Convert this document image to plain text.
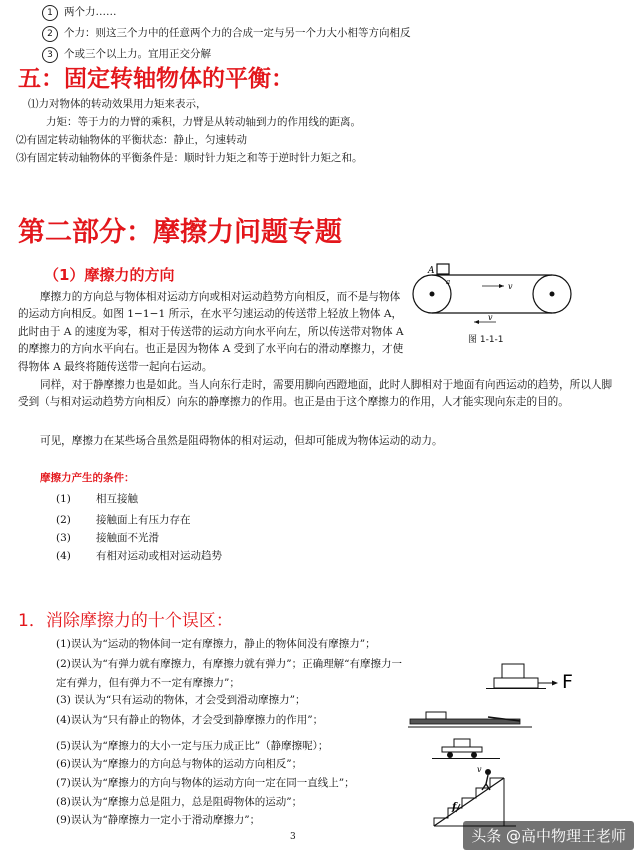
1 两个力……
2 个力：则这三个力中的任意两个力的合成一定与另一个力大小相等方向相反
3 个或三个以上力。宜用正交分解
五：固定转轴物体的平衡：
⑴力对物体的转动效果用力矩来表示，
力矩：等于力的力臂的乘积，力臂是从转动轴到力的作用线的距离。
⑵有固定转动轴物体的平衡状态：静止，匀速转动
⑶有固定转动轴物体的平衡条件是：顺时针力矩之和等于逆时针力矩之和。
第二部分：摩擦力问题专题
（1）摩擦力的方向	A
a	v
v
图 1-1-1
摩擦力的方向总与物体相对运动方向或相对运动趋势方向相反，而不是与物体的运动方向相反。如图 1−1−1 所示，在水平匀速运动的传送带上轻放上物体 A，此时由于 A 的速度为零，相对于传送带的运动方向水平向左，所以传送带对物体 A 的摩擦力的方向水平向右。也正是因为物体 A 受到了水平向右的滑动摩擦力，才使得物体 A 最终将随传送带一起向右运动。
同样，对于静摩擦力也是如此。当人向东行走时，需要用脚向西蹬地面，此时人脚相对于地面有向西运动的趋势，所以人脚受到（与相对运动趋势方向相反）向东的静摩擦力的作用。也正是由于这个摩擦力的作用，人才能实现向东走的目的。
可见，摩擦力在某些场合虽然是阻碍物体的相对运动，但却可能成为物体运动的动力。
摩擦力产生的条件：
(1) 相互接触
(2) 接触面上有压力存在
(3) 接触面不光滑
(4) 有相对运动或相对运动趋势
1．消除摩擦力的十个误区：
(1)误认为“运动的物体间一定有摩擦力，静止的物体间没有摩擦力”；
(2)误认为“有弹力就有摩擦力，有摩擦力就有弹力”；正确理解“有摩擦力一
定有弹力，但有弹力不一定有摩擦力”；
(3) 误认为“只有运动的物体，才会受到滑动摩擦力”；
(4)误认为“只有静止的物体，才会受到静摩擦力的作用”；
(5)误认为“摩擦力的大小一定与压力成正比”（静摩擦呢）；
(6)误认为“摩擦力的方向总与物体的运动方向相反”；
(7)误认为“摩擦力的方向与物体的运动方向一定在同一直线上”；
(8)误认为“摩擦力总是阻力，总是阻碍物体的运动”；
(9)误认为“静摩擦力一定小于滑动摩擦力”；
F
v
f
3	头条 @高中物理王老师
